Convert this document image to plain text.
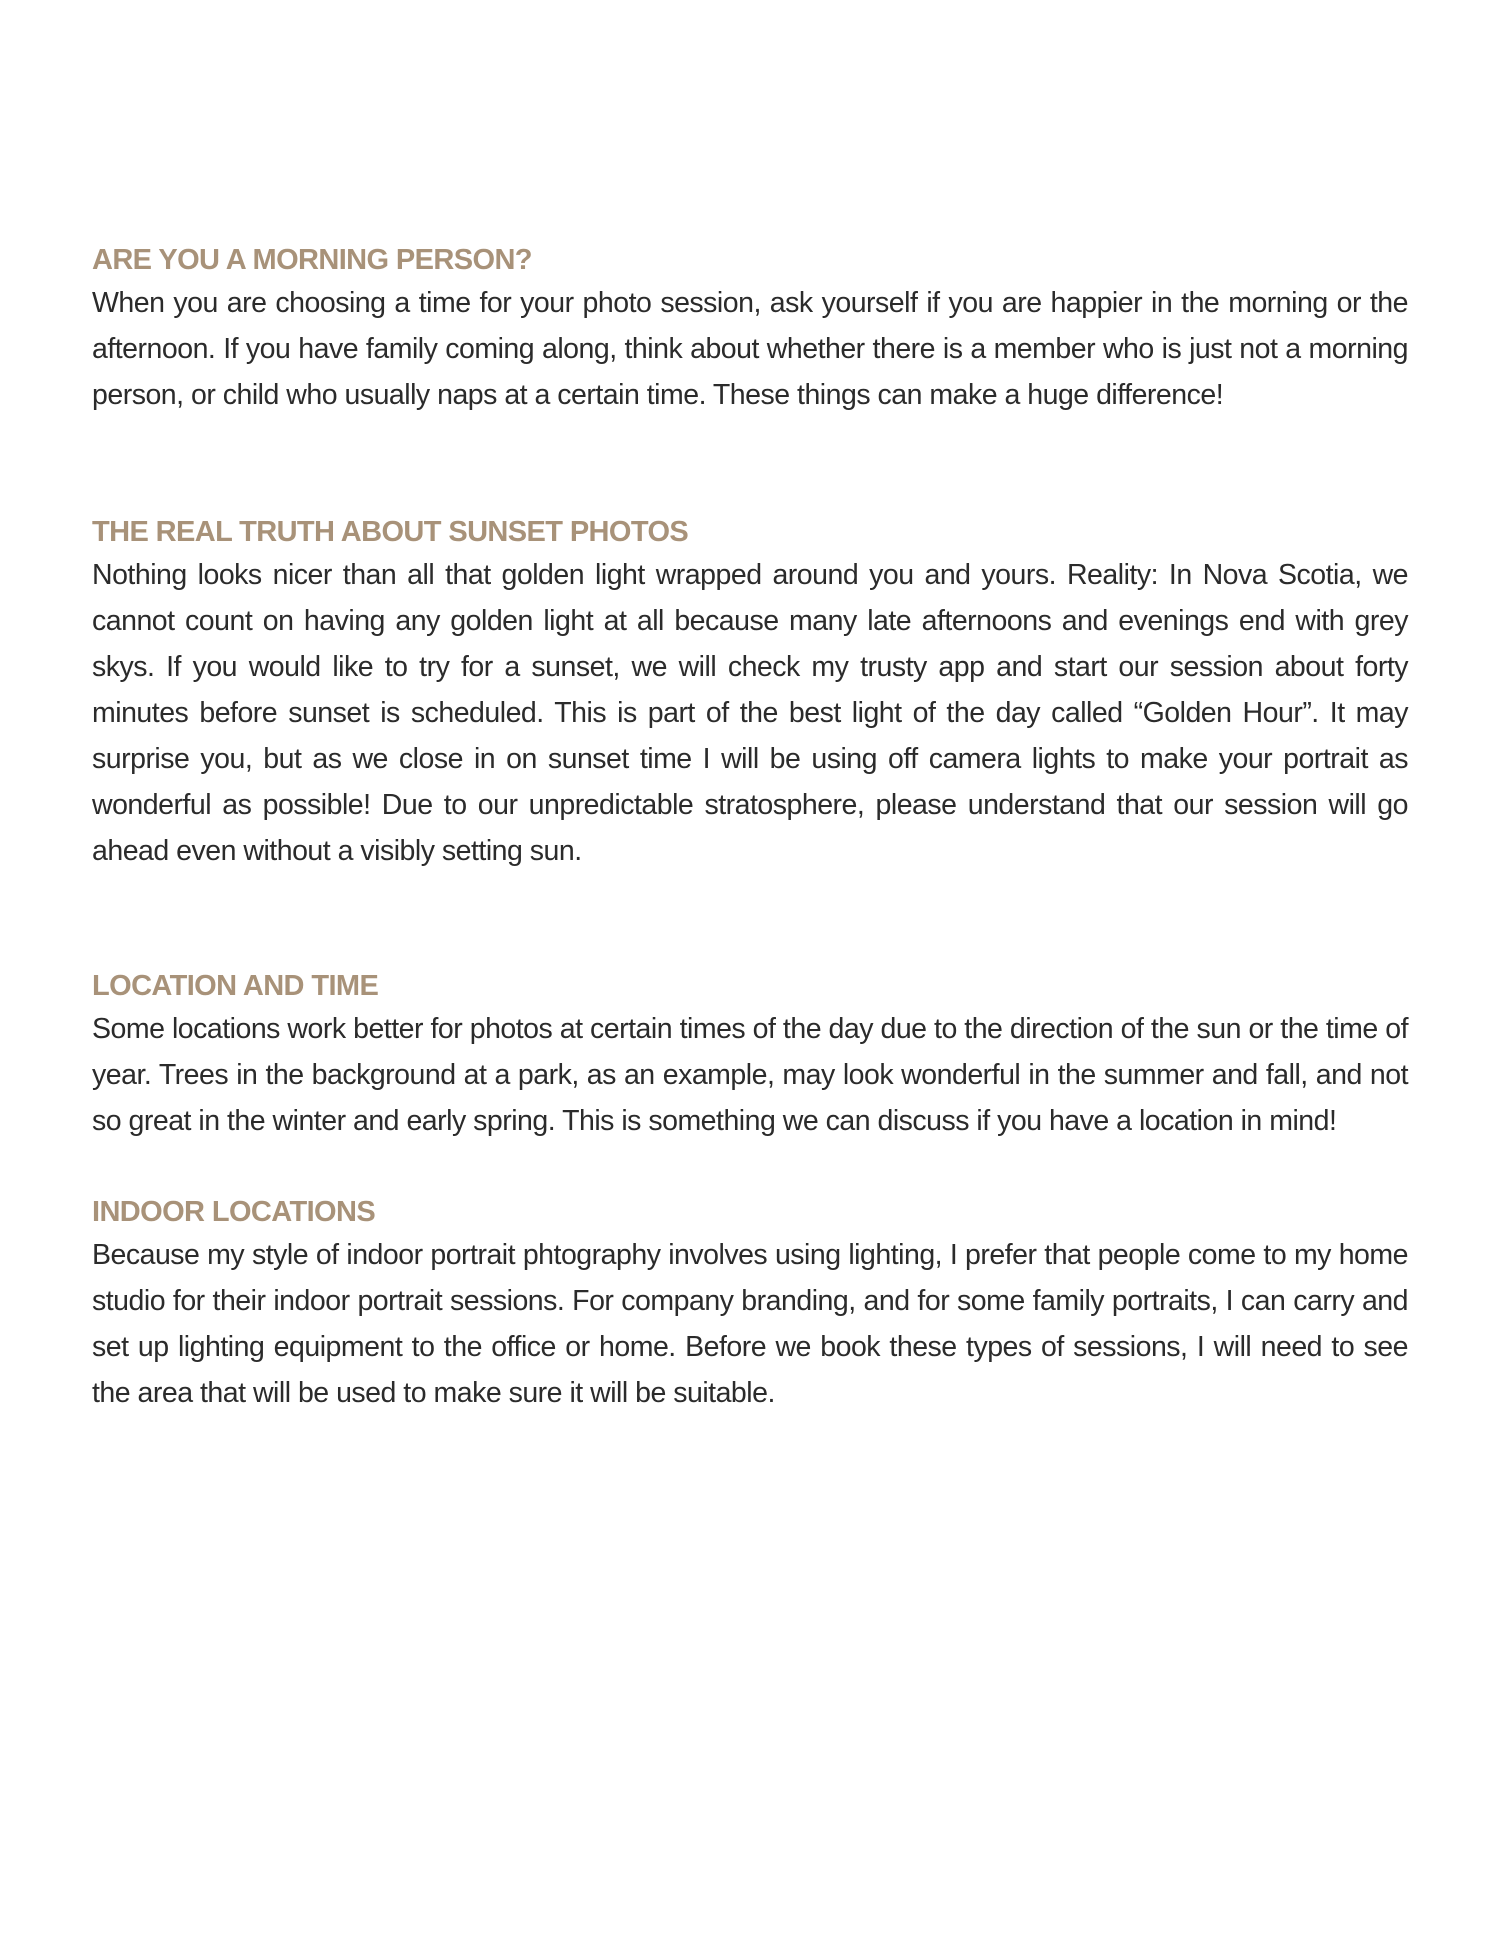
ARE YOU A MORNING PERSON?

When you are choosing a time for your photo session, ask yourself if you are happier in the morning or the afternoon. If you have family coming along, think about whether there is a member who is just not a morning person, or child who usually naps at a certain time. These things can make a huge difference!

THE REAL TRUTH ABOUT SUNSET PHOTOS

Nothing looks nicer than all that golden light wrapped around you and yours. Reality: In Nova Scotia, we cannot count on having any golden light at all because many late afternoons and evenings end with grey skys. If you would like to try for a sunset, we will check my trusty app and start our session about forty minutes before sunset is scheduled. This is part of the best light of the day called “Golden Hour”. It may surprise you, but as we close in on sunset time I will be using off camera lights to make your portrait as wonderful as possible! Due to our unpredictable stratosphere, please understand that our session will go ahead even without a visibly setting sun.

LOCATION AND TIME

Some locations work better for photos at certain times of the day due to the direction of the sun or the time of year. Trees in the background at a park, as an example, may look wonderful in the summer and fall, and not so great in the winter and early spring. This is something we can discuss if you have a location in mind!

INDOOR LOCATIONS

Because my style of indoor portrait phtography involves using lighting, I prefer that people come to my home studio for their indoor portrait sessions. For company branding, and for some family portraits, I can carry and set up lighting equipment to the office or home. Before we book these types of sessions, I will need to see the area that will be used to make sure it will be suitable.
